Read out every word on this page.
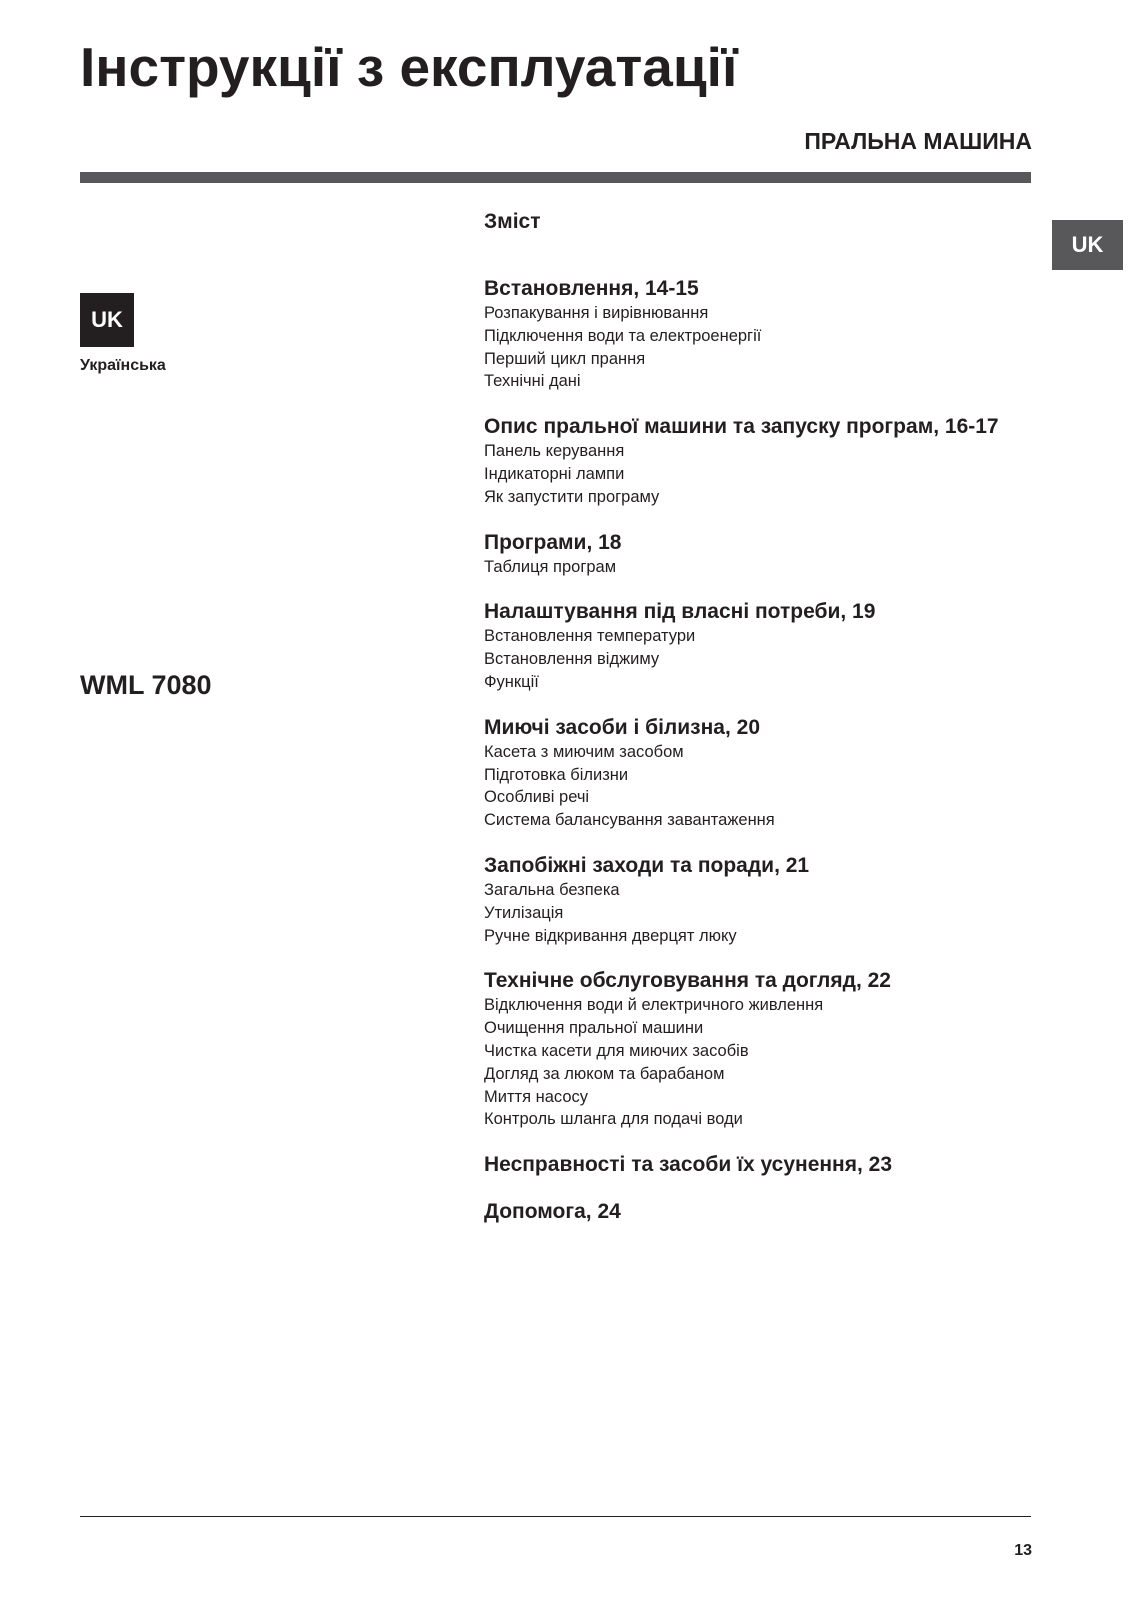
Інструкції з експлуатації
ПРАЛЬНА МАШИНА
UK
UK
Українська
WML 7080
Зміст
Встановлення, 14-15
Розпакування і вирівнювання
Підключення води та електроенергії
Перший цикл прання
Технічні дані
Опис пральної машини та запуску програм, 16-17
Панель керування
Індикаторні лампи
Як запустити програму
Програми, 18
Таблиця програм
Налаштування під власні потреби, 19
Встановлення температури
Встановлення віджиму
Функції
Миючі засоби і білизна, 20
Касета з миючим засобом
Підготовка білизни
Особливі речі
Система балансування завантаження
Запобіжні заходи та поради, 21
Загальна безпека
Утилізація
Ручне відкривання дверцят люку
Технічне обслуговування та догляд, 22
Відключення води й електричного живлення
Очищення пральної машини
Чистка касети для миючих засобів
Догляд за люком та барабаном
Миття насосу
Контроль шланга для подачі води
Несправності та засоби їх усунення, 23
Допомога, 24
13
